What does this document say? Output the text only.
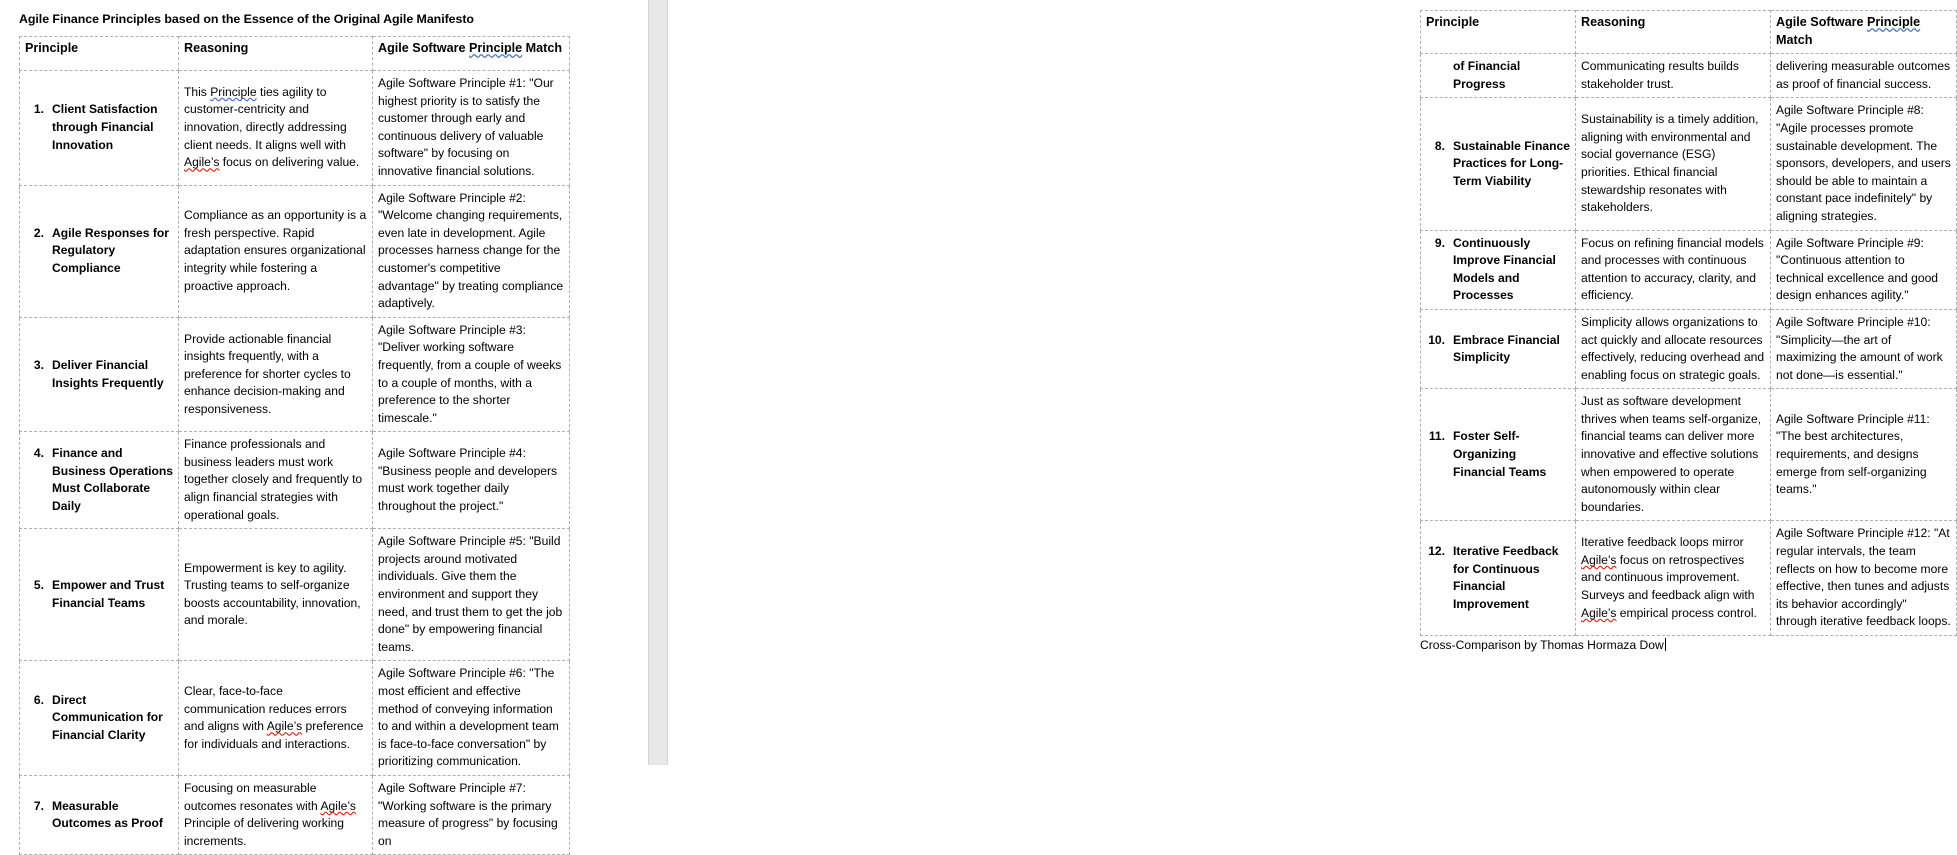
Agile Finance Principles based on the Essence of the Original Agile Manifesto
Principle	Reasoning	Agile Software Principle Match

1. Client Satisfaction through Financial Innovation	This Principle ties agility to customer-centricity and innovation, directly addressing client needs. It aligns well with Agile’s focus on delivering value.	Agile Software Principle #1: "Our highest priority is to satisfy the customer through early and continuous delivery of valuable software" by focusing on innovative financial solutions.

2. Agile Responses for Regulatory Compliance	Compliance as an opportunity is a fresh perspective. Rapid adaptation ensures organizational integrity while fostering a proactive approach.	Agile Software Principle #2: "Welcome changing requirements, even late in development. Agile processes harness change for the customer's competitive advantage" by treating compliance adaptively.

3. Deliver Financial Insights Frequently	Provide actionable financial insights frequently, with a preference for shorter cycles to enhance decision-making and responsiveness.	Agile Software Principle #3: "Deliver working software frequently, from a couple of weeks to a couple of months, with a preference to the shorter timescale."

4. Finance and Business Operations Must Collaborate Daily	Finance professionals and business leaders must work together closely and frequently to align financial strategies with operational goals.	Agile Software Principle #4: "Business people and developers must work together daily throughout the project."

5. Empower and Trust Financial Teams	Empowerment is key to agility. Trusting teams to self-organize boosts accountability, innovation, and morale.	Agile Software Principle #5: "Build projects around motivated individuals. Give them the environment and support they need, and trust them to get the job done" by empowering financial teams.

6. Direct Communication for Financial Clarity	Clear, face-to-face communication reduces errors and aligns with Agile’s preference for individuals and interactions.	Agile Software Principle #6: "The most efficient and effective method of conveying information to and within a development team is face-to-face conversation" by prioritizing communication.

7. Measurable Outcomes as Proof	Focusing on measurable outcomes resonates with Agile’s Principle of delivering working increments.	Agile Software Principle #7: "Working software is the primary measure of progress" by focusing on
Principle	Reasoning	Agile Software Principle Match

of Financial Progress	Communicating results builds stakeholder trust.	delivering measurable outcomes as proof of financial success.

8. Sustainable Finance Practices for Long-Term Viability	Sustainability is a timely addition, aligning with environmental and social governance (ESG) priorities. Ethical financial stewardship resonates with stakeholders.	Agile Software Principle #8: "Agile processes promote sustainable development. The sponsors, developers, and users should be able to maintain a constant pace indefinitely" by aligning strategies.

9. Continuously Improve Financial Models and Processes	Focus on refining financial models and processes with continuous attention to accuracy, clarity, and efficiency.	Agile Software Principle #9: "Continuous attention to technical excellence and good design enhances agility."

10. Embrace Financial Simplicity	Simplicity allows organizations to act quickly and allocate resources effectively, reducing overhead and enabling focus on strategic goals.	Agile Software Principle #10: "Simplicity—the art of maximizing the amount of work not done—is essential."

11. Foster Self-Organizing Financial Teams	Just as software development thrives when teams self-organize, financial teams can deliver more innovative and effective solutions when empowered to operate autonomously within clear boundaries.	Agile Software Principle #11: "The best architectures, requirements, and designs emerge from self-organizing teams."

12. Iterative Feedback for Continuous Financial Improvement	Iterative feedback loops mirror Agile’s focus on retrospectives and continuous improvement. Surveys and feedback align with Agile’s empirical process control.	Agile Software Principle #12: "At regular intervals, the team reflects on how to become more effective, then tunes and adjusts its behavior accordingly" through iterative feedback loops.
Cross-Comparison by Thomas Hormaza Dow
